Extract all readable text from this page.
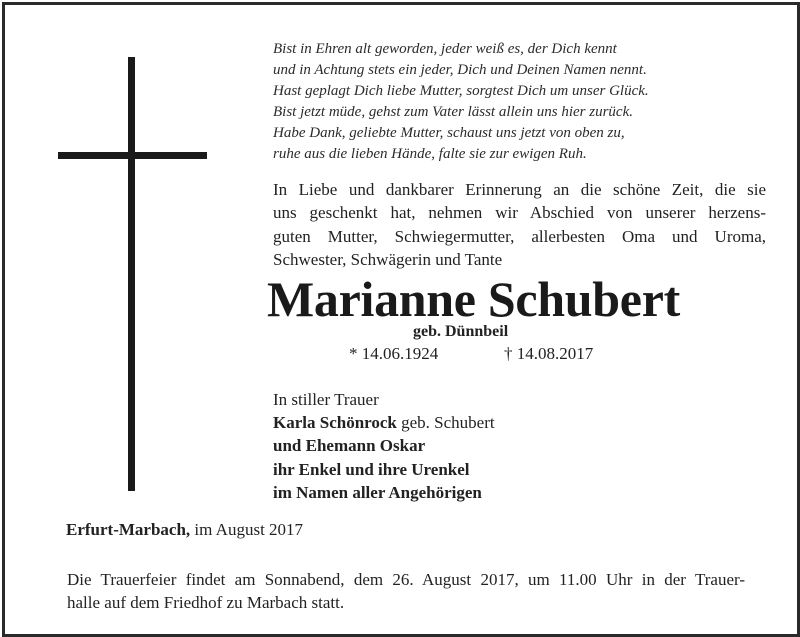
Bist in Ehren alt geworden, jeder weiß es, der Dich kennt
und in Achtung stets ein jeder, Dich und Deinen Namen nennt.
Hast geplagt Dich liebe Mutter, sorgtest Dich um unser Glück.
Bist jetzt müde, gehst zum Vater lässt allein uns hier zurück.
Habe Dank, geliebte Mutter, schaust uns jetzt von oben zu,
ruhe aus die lieben Hände, falte sie zur ewigen Ruh.
In Liebe und dankbarer Erinnerung an die schöne Zeit, die sie
uns geschenkt hat, nehmen wir Abschied von unserer herzens-
guten Mutter, Schwiegermutter, allerbesten Oma und Uroma,
Schwester, Schwägerin und Tante
Marianne Schubert
geb. Dünnbeil
* 14.06.1924	† 14.08.2017
In stiller Trauer
Karla Schönrock geb. Schubert
und Ehemann Oskar
ihr Enkel und ihre Urenkel
im Namen aller Angehörigen
Erfurt-Marbach, im August 2017
Die Trauerfeier findet am Sonnabend, dem 26. August 2017, um 11.00 Uhr in der Trauer-
halle auf dem Friedhof zu Marbach statt.
